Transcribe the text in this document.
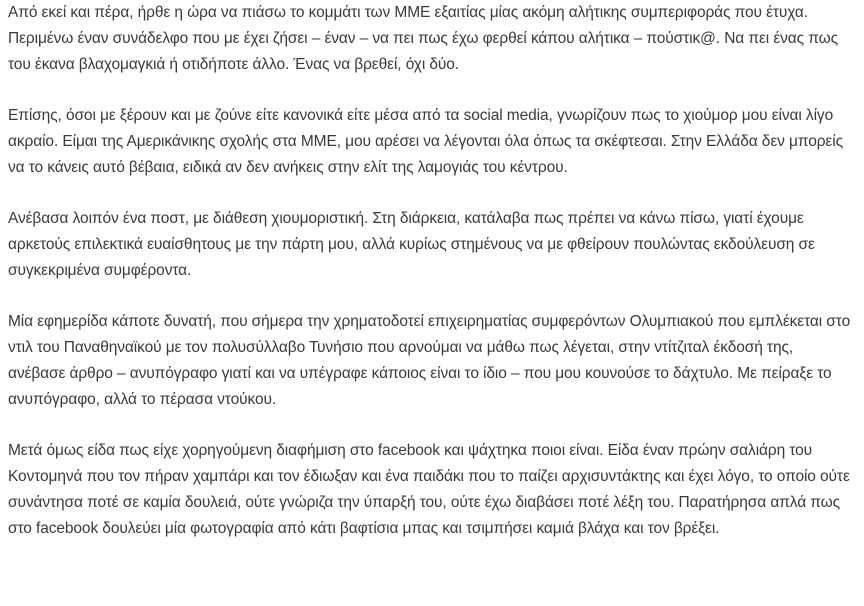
Από εκεί και πέρα, ήρθε η ώρα να πιάσω το κομμάτι των ΜΜΕ εξαιτίας μίας ακόμη αλήτικης συμπεριφοράς που έτυχα. Περιμένω έναν συνάδελφο που με έχει ζήσει – έναν – να πει πως έχω φερθεί κάπου αλήτικα – πούστικ@. Να πει ένας πως του έκανα βλαχομαγκιά ή οτιδήποτε άλλο. Ένας να βρεθεί, όχι δύο.

Επίσης, όσοι με ξέρουν και με ζούνε είτε κανονικά είτε μέσα από τα social media, γνωρίζουν πως το χιούμορ μου είναι λίγο ακραίο. Είμαι της Αμερικάνικης σχολής στα ΜΜΕ, μου αρέσει να λέγονται όλα όπως τα σκέφτεσαι. Στην Ελλάδα δεν μπορείς να το κάνεις αυτό βέβαια, ειδικά αν δεν ανήκεις στην ελίτ της λαμογιάς του κέντρου.

Ανέβασα λοιπόν ένα ποστ, με διάθεση χιουμοριστική. Στη διάρκεια, κατάλαβα πως πρέπει να κάνω πίσω, γιατί έχουμε αρκετούς επιλεκτικά ευαίσθητους με την πάρτη μου, αλλά κυρίως στημένους να με φθείρουν πουλώντας εκδούλευση σε συγκεκριμένα συμφέροντα.

Μία εφημερίδα κάποτε δυνατή, που σήμερα την χρηματοδοτεί επιχειρηματίας συμφερόντων Ολυμπιακού που εμπλέκεται στο ντιλ του Παναθηναϊκού με τον πολυσύλλαβο Τυνήσιο που αρνούμαι να μάθω πως λέγεται, στην ντίτζιταλ έκδοσή της, ανέβασε άρθρο – ανυπόγραφο γιατί και να υπέγραφε κάποιος είναι το ίδιο – που μου κουνούσε το δάχτυλο. Με πείραξε το ανυπόγραφο, αλλά το πέρασα ντούκου.

Μετά όμως είδα πως είχε χορηγούμενη διαφήμιση στο facebook και ψάχτηκα ποιοι είναι. Είδα έναν πρώην σαλιάρη του Κοντομηνά που τον πήραν χαμπάρι και τον έδιωξαν και ένα παιδάκι που το παίζει αρχισυντάκτης και έχει λόγο, το οποίο ούτε συνάντησα ποτέ σε καμία δουλειά, ούτε γνώριζα την ύπαρξή του, ούτε έχω διαβάσει ποτέ λέξη του. Παρατήρησα απλά πως στο facebook δουλεύει μία φωτογραφία από κάτι βαφτίσια μπας και τσιμπήσει καμιά βλάχα και τον βρέξει.
